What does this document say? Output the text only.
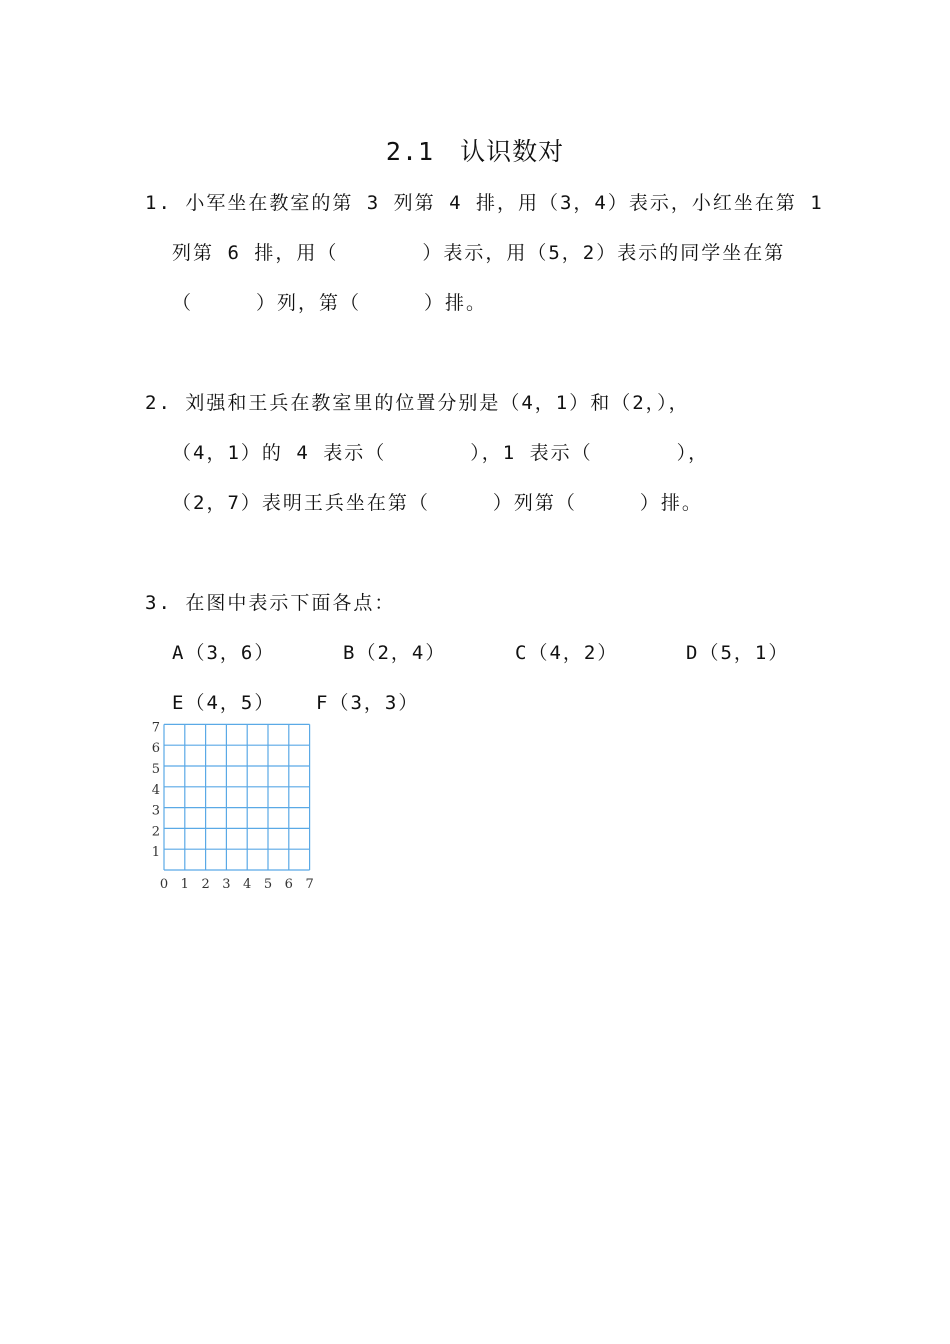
2.1　认识数对
1. 小军坐在教室的第 3 列第 4 排，用（3，4）表示，小红坐在第 1
列第 6 排，用（　　　　）表示，用（5，2）表示的同学坐在第
（　　　）列，第（　　　）排。
2. 刘强和王兵在教室里的位置分别是（4，1）和（2，），
（4，1）的 4 表示（　　　　），1 表示（　　　　），
（2，7）表明王兵坐在第（　　　）列第（　　　）排。
3. 在图中表示下面各点：
A（3，6）	B（2，4）	C（4，2）	D（5，1）
E（4，5） F（3，3）
0 1 2 3 4 5 6 7
1
2
3
4
5
6
7
